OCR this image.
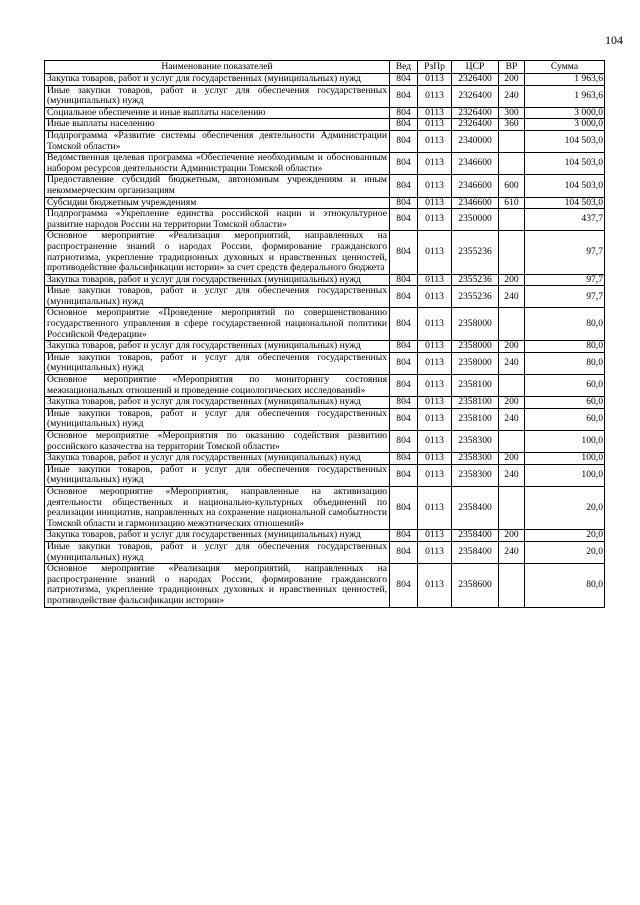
104
Наименование показателей	Вед	РзПр	ЦСР	ВР	Сумма
Закупка товаров, работ и услуг для государственных (муниципальных) нужд	804	0113	2326400	200	1 963,6
Иные закупки товаров, работ и услуг для обеспечения государственных (муниципальных) нужд	804	0113	2326400	240	1 963,6
Социальное обеспечение и иные выплаты населению	804	0113	2326400	300	3 000,0
Иные выплаты населению	804	0113	2326400	360	3 000,0
Подпрограмма «Развитие системы обеспечения деятельности Администрации Томской области»	804	0113	2340000		104 503,0
Ведомственная целевая программа «Обеспечение необходимым и обоснованным набором ресурсов деятельности Администрации Томской области»	804	0113	2346600		104 503,0
Предоставление субсидий бюджетным, автономным учреждениям и иным некоммерческим организациям	804	0113	2346600	600	104 503,0
Субсидии бюджетным учреждениям	804	0113	2346600	610	104 503,0
Подпрограмма «Укрепление единства российской нации и этнокультурное развитие народов России на территории Томской области»	804	0113	2350000		437,7
Основное мероприятие «Реализация мероприятий, направленных на распространение знаний о народах России, формирование гражданского патриотизма, укрепление традиционных духовных и нравственных ценностей, противодействие фальсификации истории» за счет средств федерального бюджета	804	0113	2355236		97,7
Закупка товаров, работ и услуг для государственных (муниципальных) нужд	804	0113	2355236	200	97,7
Иные закупки товаров, работ и услуг для обеспечения государственных (муниципальных) нужд	804	0113	2355236	240	97,7
Основное мероприятие «Проведение мероприятий по совершенствованию государственного управления в сфере государственной национальной политики Российской Федерации»	804	0113	2358000		80,0
Закупка товаров, работ и услуг для государственных (муниципальных) нужд	804	0113	2358000	200	80,0
Иные закупки товаров, работ и услуг для обеспечения государственных (муниципальных) нужд	804	0113	2358000	240	80,0
Основное мероприятие «Мероприятия по мониторингу состояния межнациональных отношений и проведение социологических исследований»	804	0113	2358100		60,0
Закупка товаров, работ и услуг для государственных (муниципальных) нужд	804	0113	2358100	200	60,0
Иные закупки товаров, работ и услуг для обеспечения государственных (муниципальных) нужд	804	0113	2358100	240	60,0
Основное мероприятие «Мероприятия по оказанию содействия развитию российского казачества на территории Томской области»	804	0113	2358300		100,0
Закупка товаров, работ и услуг для государственных (муниципальных) нужд	804	0113	2358300	200	100,0
Иные закупки товаров, работ и услуг для обеспечения государственных (муниципальных) нужд	804	0113	2358300	240	100,0
Основное мероприятие «Мероприятия, направленные на активизацию деятельности общественных и национально-культурных объединений по реализации инициатив, направленных на сохранение национальной самобытности Томской области и гармонизацию межэтнических отношений»	804	0113	2358400		20,0
Закупка товаров, работ и услуг для государственных (муниципальных) нужд	804	0113	2358400	200	20,0
Иные закупки товаров, работ и услуг для обеспечения государственных (муниципальных) нужд	804	0113	2358400	240	20,0
Основное мероприятие «Реализация мероприятий, направленных на распространение знаний о народах России, формирование гражданского патриотизма, укрепление традиционных духовных и нравственных ценностей, противодействие фальсификации истории»	804	0113	2358600		80,0
